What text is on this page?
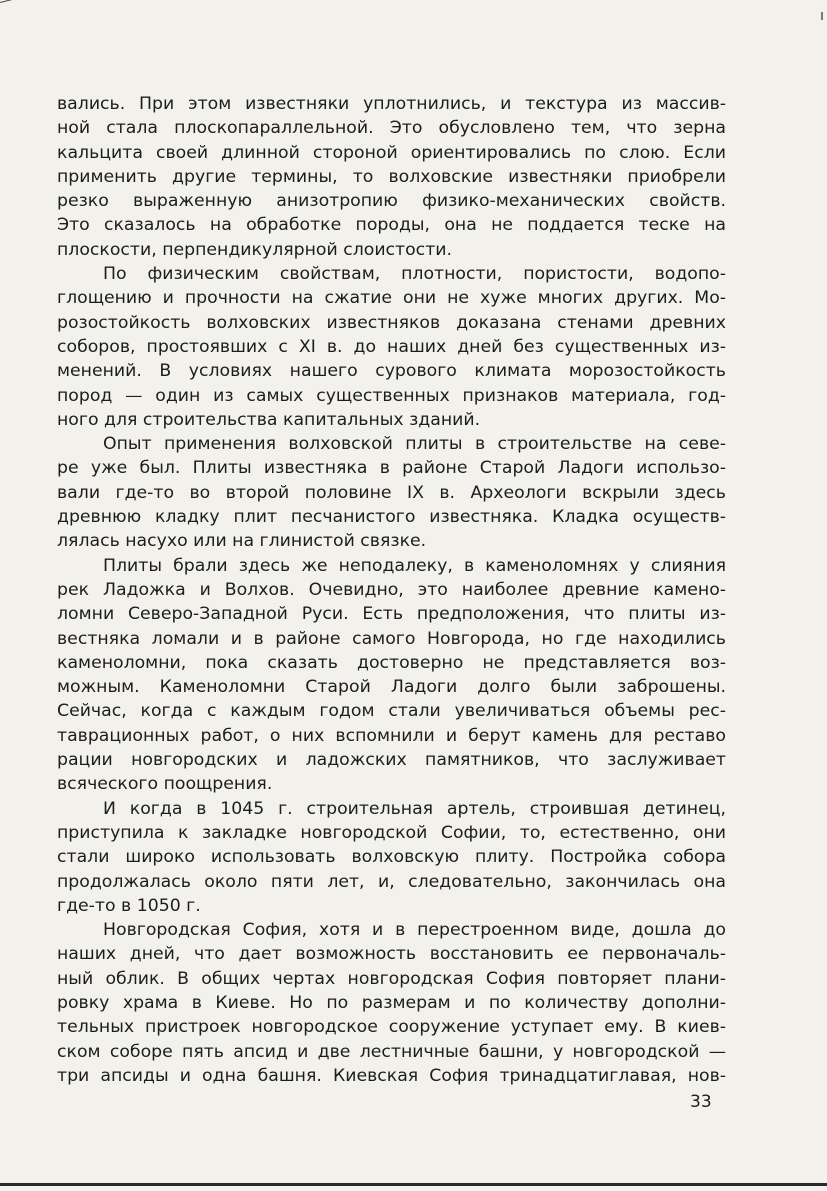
вались. При этом известняки уплотнились, и текстура из массив-
ной стала плоскопараллельной. Это обусловлено тем, что зерна
кальцита своей длинной стороной ориентировались по слою. Если
применить другие термины, то волховские известняки приобрели
резко выраженную анизотропию физико-механических свойств.
Это сказалось на обработке породы, она не поддается теске на
плоскости, перпендикулярной слоистости.
По физическим свойствам, плотности, пористости, водопо-
глощению и прочности на сжатие они не хуже многих других. Мо-
розостойкость волховских известняков доказана стенами древних
соборов, простоявших с XI в. до наших дней без существенных из-
менений. В условиях нашего сурового климата морозостойкость
пород — один из самых существенных признаков материала, год-
ного для строительства капитальных зданий.
Опыт применения волховской плиты в строительстве на севе-
ре уже был. Плиты известняка в районе Старой Ладоги использо-
вали где-то во второй половине IX в. Археологи вскрыли здесь
древнюю кладку плит песчанистого известняка. Кладка осуществ-
лялась насухо или на глинистой связке.
Плиты брали здесь же неподалеку, в каменоломнях у слияния
рек Ладожка и Волхов. Очевидно, это наиболее древние камено-
ломни Северо-Западной Руси. Есть предположения, что плиты из-
вестняка ломали и в районе самого Новгорода, но где находились
каменоломни, пока сказать достоверно не представляется воз-
можным. Каменоломни Старой Ладоги долго были заброшены.
Сейчас, когда с каждым годом стали увеличиваться объемы рес-
таврационных работ, о них вспомнили и берут камень для реставо
рации новгородских и ладожских памятников, что заслуживает
всяческого поощрения.
И когда в 1045 г. строительная артель, строившая детинец,
приступила к закладке новгородской Софии, то, естественно, они
стали широко использовать волховскую плиту. Постройка собора
продолжалась около пяти лет, и, следовательно, закончилась она
где-то в 1050 г.
Новгородская София, хотя и в перестроенном виде, дошла до
наших дней, что дает возможность восстановить ее первоначаль-
ный облик. В общих чертах новгородская София повторяет плани-
ровку храма в Киеве. Но по размерам и по количеству дополни-
тельных пристроек новгородское сооружение уступает ему. В киев-
ском соборе пять апсид и две лестничные башни, у новгородской —
три апсиды и одна башня. Киевская София тринадцатиглавая, нов-
33
